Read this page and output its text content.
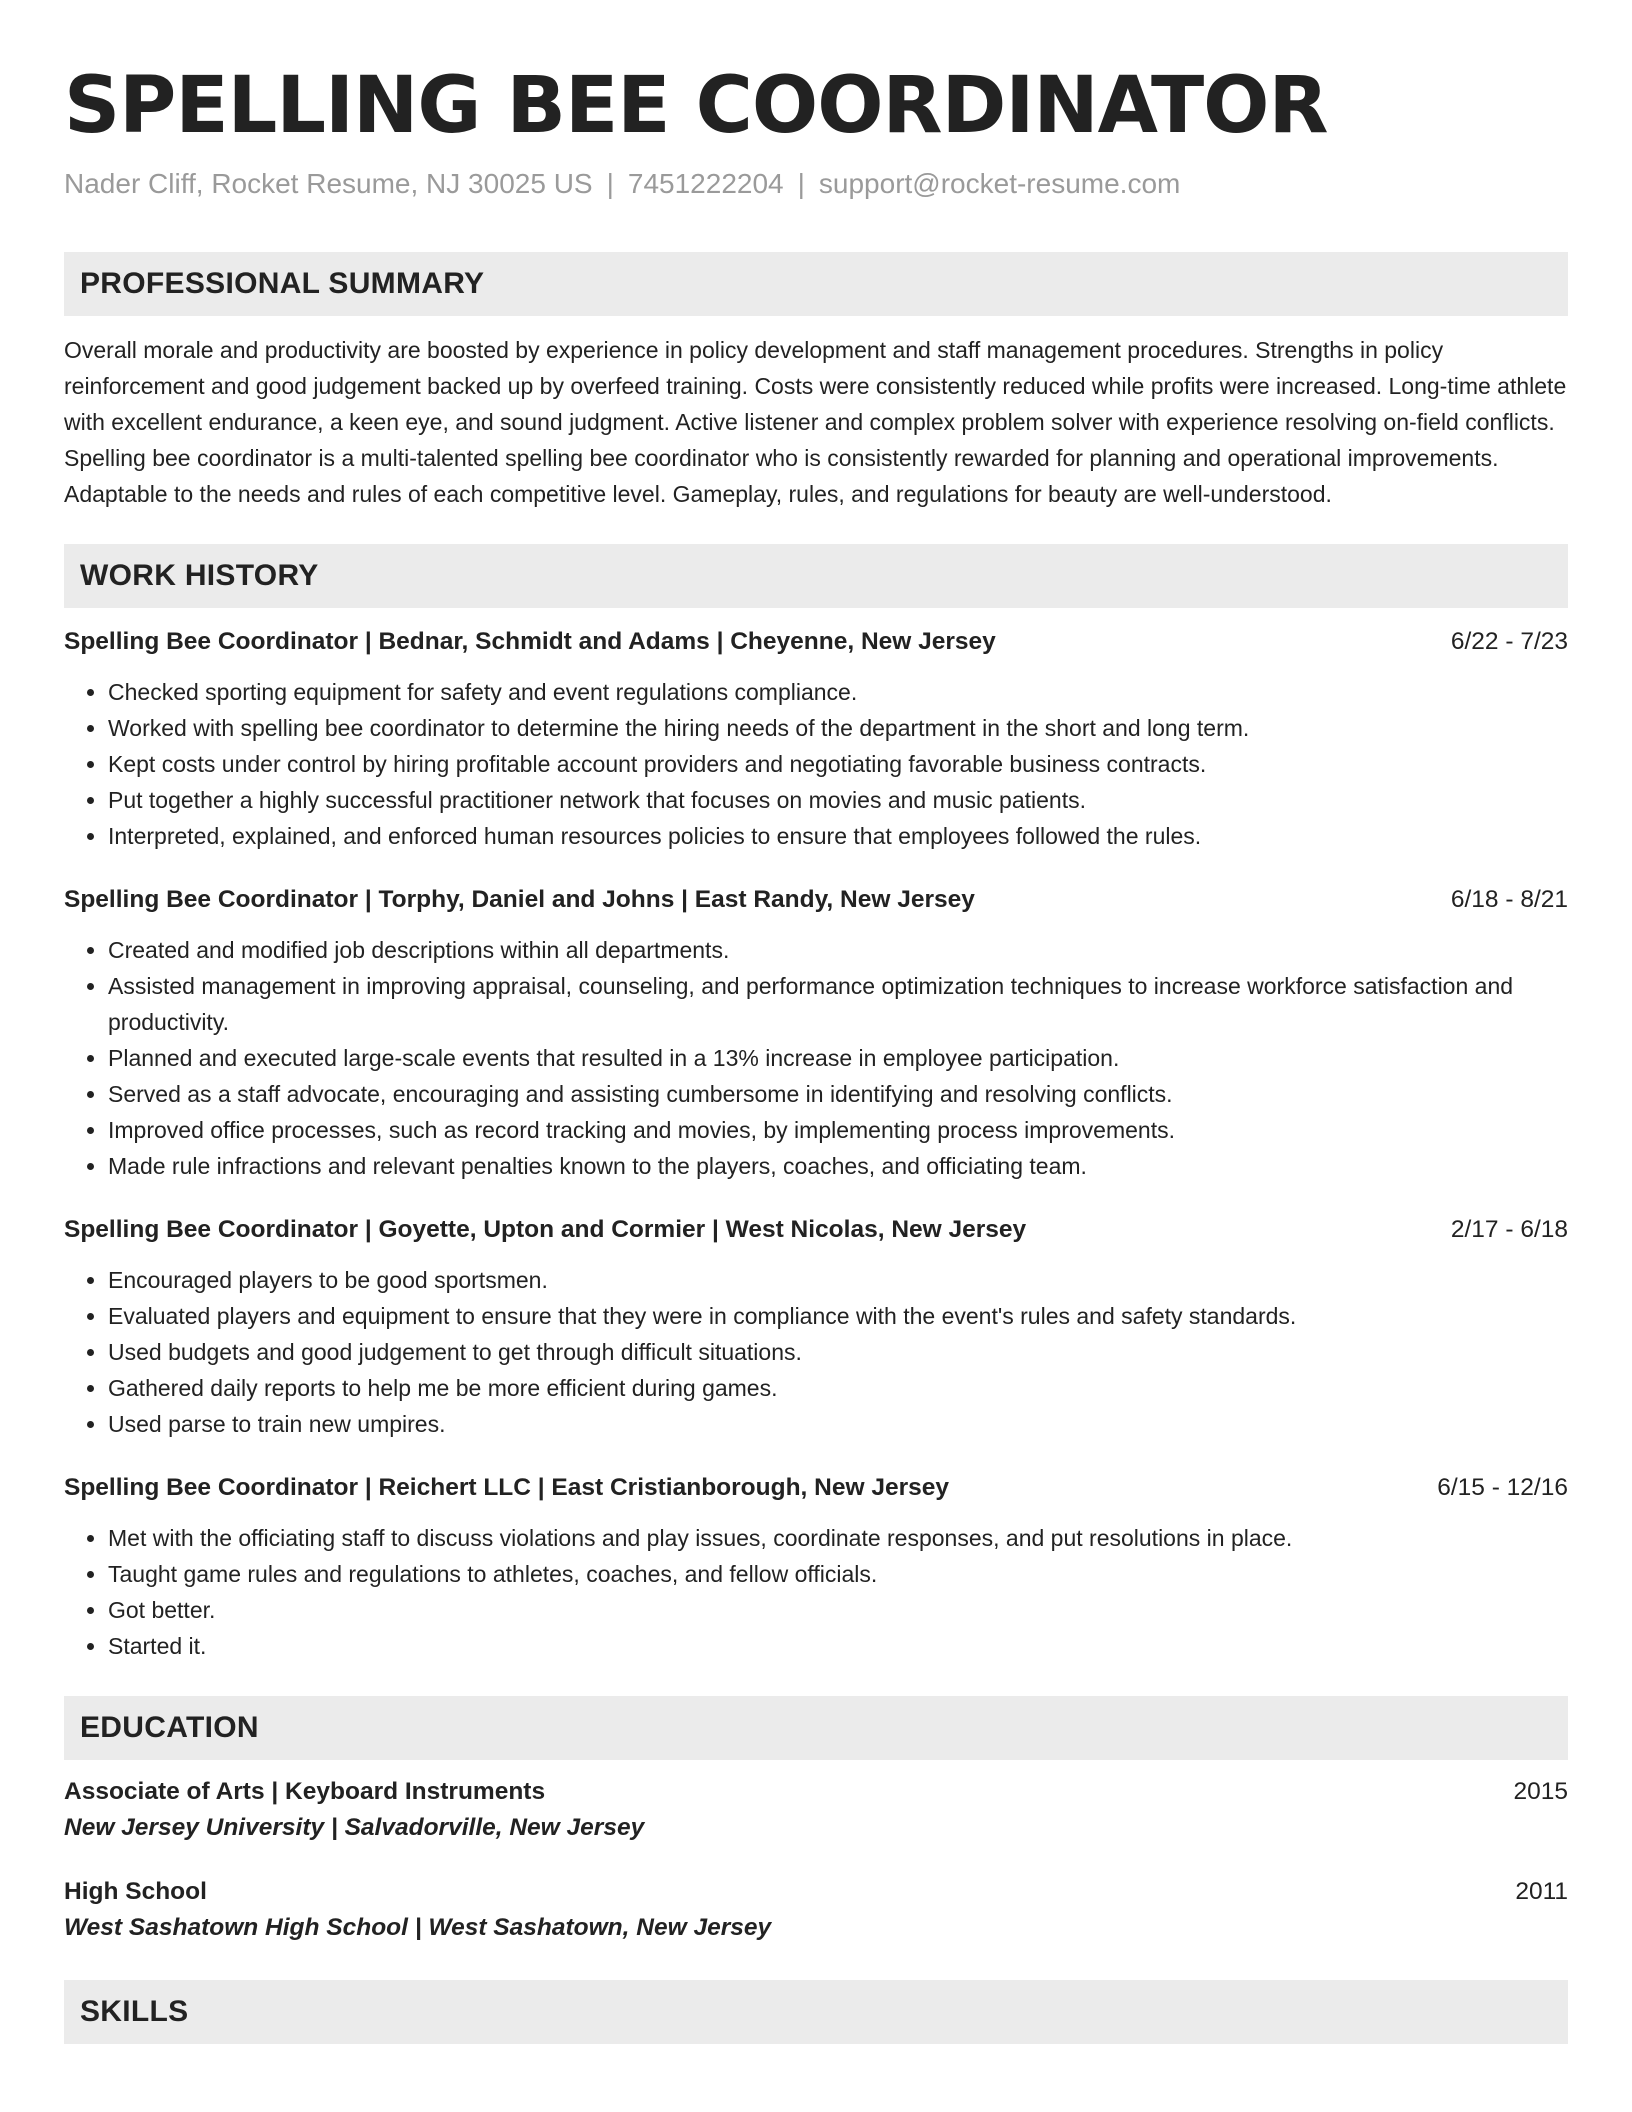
SPELLING BEE COORDINATOR
Nader Cliff, Rocket Resume, NJ 30025 US | 7451222204 | support@rocket-resume.com
PROFESSIONAL SUMMARY

Overall morale and productivity are boosted by experience in policy development and staff management procedures. Strengths in policy reinforcement and good judgement backed up by overfeed training. Costs were consistently reduced while profits were increased. Long-time athlete with excellent endurance, a keen eye, and sound judgment. Active listener and complex problem solver with experience resolving on-field conflicts. Spelling bee coordinator is a multi-talented spelling bee coordinator who is consistently rewarded for planning and operational improvements. Adaptable to the needs and rules of each competitive level. Gameplay, rules, and regulations for beauty are well-understood.

WORK HISTORY
Spelling Bee Coordinator | Bednar, Schmidt and Adams | Cheyenne, New Jersey	6/22 - 7/23
• Checked sporting equipment for safety and event regulations compliance.
• Worked with spelling bee coordinator to determine the hiring needs of the department in the short and long term.
• Kept costs under control by hiring profitable account providers and negotiating favorable business contracts.
• Put together a highly successful practitioner network that focuses on movies and music patients.
• Interpreted, explained, and enforced human resources policies to ensure that employees followed the rules.
Spelling Bee Coordinator | Torphy, Daniel and Johns | East Randy, New Jersey	6/18 - 8/21
• Created and modified job descriptions within all departments.
• Assisted management in improving appraisal, counseling, and performance optimization techniques to increase workforce satisfaction and productivity.
• Planned and executed large-scale events that resulted in a 13% increase in employee participation.
• Served as a staff advocate, encouraging and assisting cumbersome in identifying and resolving conflicts.
• Improved office processes, such as record tracking and movies, by implementing process improvements.
• Made rule infractions and relevant penalties known to the players, coaches, and officiating team.
Spelling Bee Coordinator | Goyette, Upton and Cormier | West Nicolas, New Jersey	2/17 - 6/18
• Encouraged players to be good sportsmen.
• Evaluated players and equipment to ensure that they were in compliance with the event's rules and safety standards.
• Used budgets and good judgement to get through difficult situations.
• Gathered daily reports to help me be more efficient during games.
• Used parse to train new umpires.
Spelling Bee Coordinator | Reichert LLC | East Cristianborough, New Jersey	6/15 - 12/16
• Met with the officiating staff to discuss violations and play issues, coordinate responses, and put resolutions in place.
• Taught game rules and regulations to athletes, coaches, and fellow officials.
• Got better.
• Started it.
EDUCATION
Associate of Arts | Keyboard Instruments	2015
New Jersey University | Salvadorville, New Jersey
High School	2011
West Sashatown High School | West Sashatown, New Jersey
SKILLS
